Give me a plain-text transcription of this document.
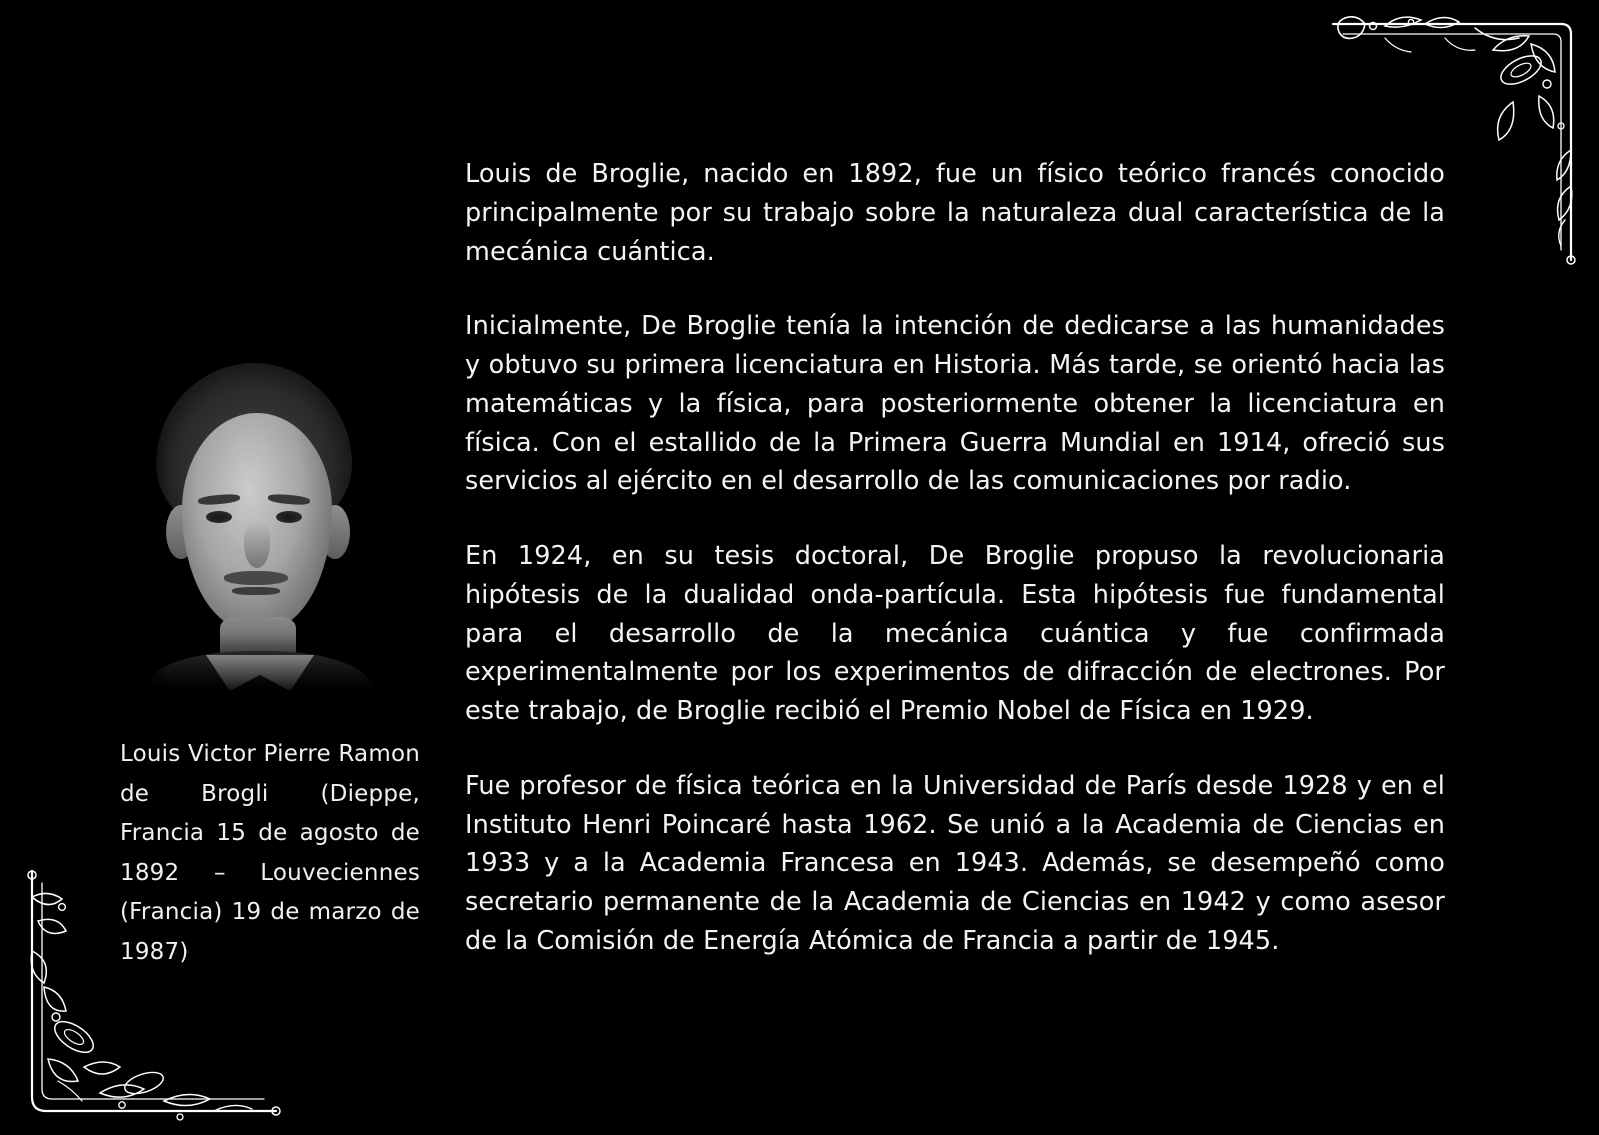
Louis Victor Pierre Ramon de Brogli (Dieppe, Francia 15 de agosto de 1892 – Louveciennes (Francia) 19 de marzo de 1987)

Louis de Broglie, nacido en 1892, fue un físico teórico francés conocido principalmente por su trabajo sobre la naturaleza dual característica de la mecánica cuántica.

Inicialmente, De Broglie tenía la intención de dedicarse a las humanidades y obtuvo su primera licenciatura en Historia. Más tarde, se orientó hacia las matemáticas y la física, para posteriormente obtener la licenciatura en física. Con el estallido de la Primera Guerra Mundial en 1914, ofreció sus servicios al ejército en el desarrollo de las comunicaciones por radio.

En 1924, en su tesis doctoral, De Broglie propuso la revolucionaria hipótesis de la dualidad onda-partícula. Esta hipótesis fue fundamental para el desarrollo de la mecánica cuántica y fue confirmada experimentalmente por los experimentos de difracción de electrones. Por este trabajo, de Broglie recibió el Premio Nobel de Física en 1929.

Fue profesor de física teórica en la Universidad de París desde 1928 y en el Instituto Henri Poincaré hasta 1962. Se unió a la Academia de Ciencias en 1933 y a la Academia Francesa en 1943. Además, se desempeñó como secretario permanente de la Academia de Ciencias en 1942 y como asesor de la Comisión de Energía Atómica de Francia a partir de 1945.
